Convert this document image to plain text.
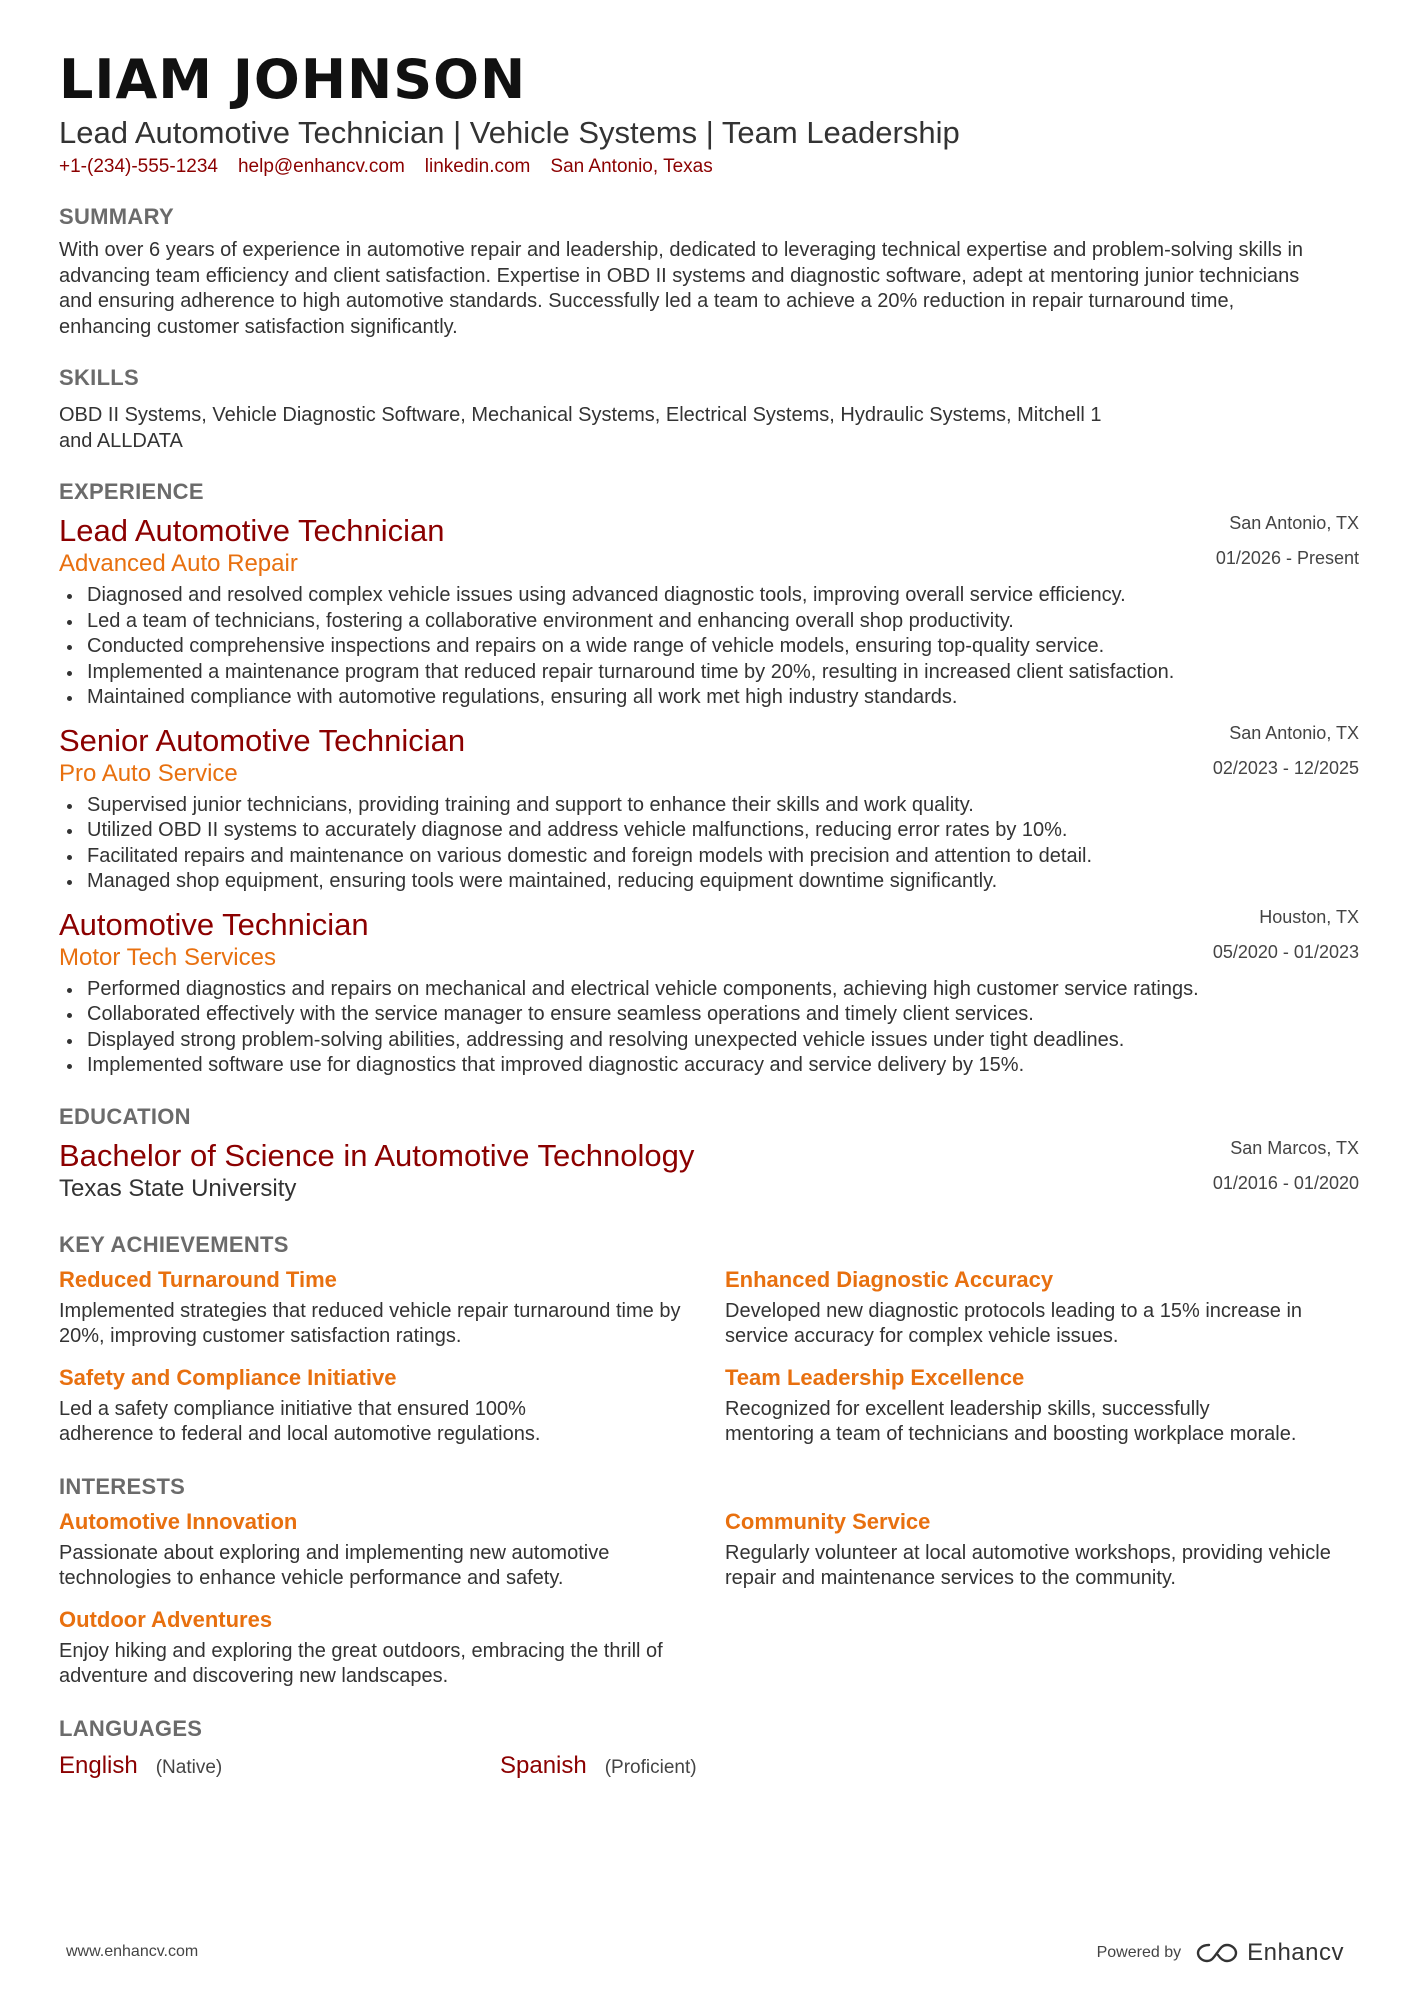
LIAM JOHNSON
Lead Automotive Technician | Vehicle Systems | Team Leadership
+1-(234)-555-1234 help@enhancv.com linkedin.com San Antonio, Texas
SUMMARY
With over 6 years of experience in automotive repair and leadership, dedicated to leveraging technical expertise and problem-solving skills in advancing team efficiency and client satisfaction. Expertise in OBD II systems and diagnostic software, adept at mentoring junior technicians and ensuring adherence to high automotive standards. Successfully led a team to achieve a 20% reduction in repair turnaround time, enhancing customer satisfaction significantly.
SKILLS
OBD II Systems, Vehicle Diagnostic Software, Mechanical Systems, Electrical Systems, Hydraulic Systems, Mitchell 1 and ALLDATA
EXPERIENCE
San Antonio, TX
01/2026 - Present
Lead Automotive Technician
Advanced Auto Repair
Diagnosed and resolved complex vehicle issues using advanced diagnostic tools, improving overall service efficiency.
Led a team of technicians, fostering a collaborative environment and enhancing overall shop productivity.
Conducted comprehensive inspections and repairs on a wide range of vehicle models, ensuring top-quality service.
Implemented a maintenance program that reduced repair turnaround time by 20%, resulting in increased client satisfaction.
Maintained compliance with automotive regulations, ensuring all work met high industry standards.
San Antonio, TX
02/2023 - 12/2025
Senior Automotive Technician
Pro Auto Service
Supervised junior technicians, providing training and support to enhance their skills and work quality.
Utilized OBD II systems to accurately diagnose and address vehicle malfunctions, reducing error rates by 10%.
Facilitated repairs and maintenance on various domestic and foreign models with precision and attention to detail.
Managed shop equipment, ensuring tools were maintained, reducing equipment downtime significantly.
Houston, TX
05/2020 - 01/2023
Automotive Technician
Motor Tech Services
Performed diagnostics and repairs on mechanical and electrical vehicle components, achieving high customer service ratings.
Collaborated effectively with the service manager to ensure seamless operations and timely client services.
Displayed strong problem-solving abilities, addressing and resolving unexpected vehicle issues under tight deadlines.
Implemented software use for diagnostics that improved diagnostic accuracy and service delivery by 15%.
EDUCATION
San Marcos, TX
01/2016 - 01/2020
Bachelor of Science in Automotive Technology
Texas State University
KEY ACHIEVEMENTS
Reduced Turnaround Time
Implemented strategies that reduced vehicle repair turnaround time by 20%, improving customer satisfaction ratings.
Enhanced Diagnostic Accuracy
Developed new diagnostic protocols leading to a 15% increase in service accuracy for complex vehicle issues.
Safety and Compliance Initiative
Led a safety compliance initiative that ensured 100% adherence to federal and local automotive regulations.
Team Leadership Excellence
Recognized for excellent leadership skills, successfully mentoring a team of technicians and boosting workplace morale.
INTERESTS
Automotive Innovation
Passionate about exploring and implementing new automotive technologies to enhance vehicle performance and safety.
Community Service
Regularly volunteer at local automotive workshops, providing vehicle repair and maintenance services to the community.
Outdoor Adventures
Enjoy hiking and exploring the great outdoors, embracing the thrill of adventure and discovering new landscapes.
LANGUAGES
English (Native)	Spanish (Proficient)
www.enhancv.com	Powered by	Enhancv
